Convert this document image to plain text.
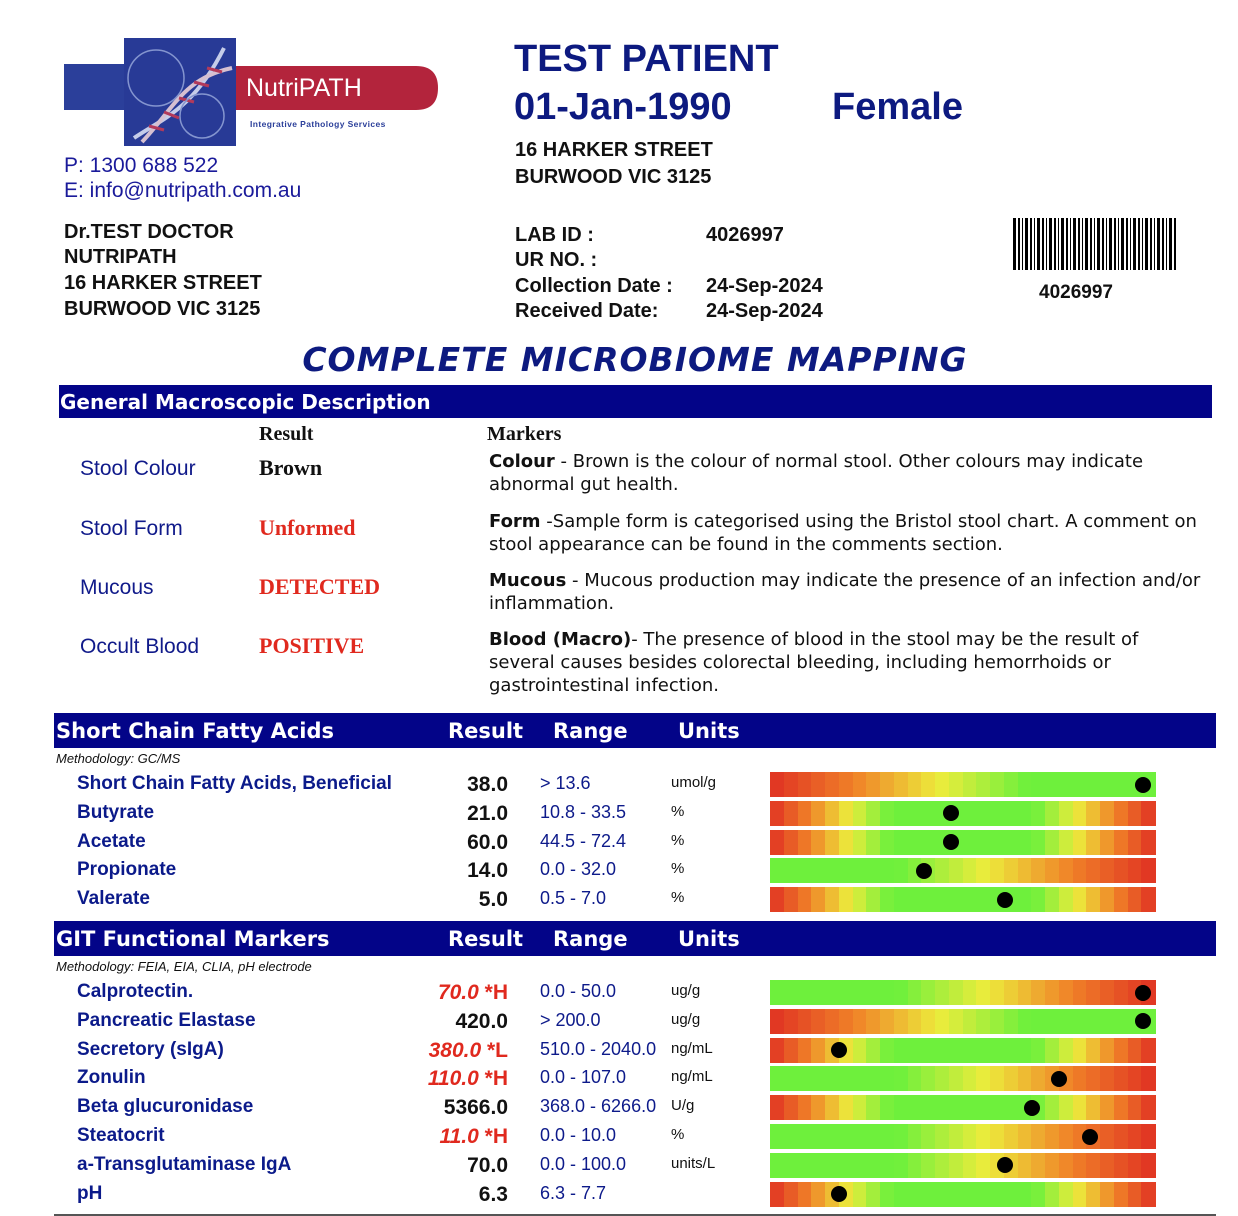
NutriPATH
Integrative Pathology Services
P: 1300 688 522
E: info@nutripath.com.au
Dr.TEST DOCTOR
NUTRIPATH
16 HARKER STREET
BURWOOD VIC 3125
TEST PATIENT
01-Jan-1990	Female
16 HARKER STREET
BURWOOD VIC 3125
LAB ID :	4026997
UR NO. :
Collection Date : 24-Sep-2024
Received Date: 24-Sep-2024
4026997
COMPLETE MICROBIOME MAPPING
General Macroscopic Description
Result	Markers
Stool Colour	Brown	Colour - Brown is the colour of normal stool. Other colours may indicate abnormal gut health.
Stool Form	Unformed	Form -Sample form is categorised using the Bristol stool chart. A comment on stool appearance can be found in the comments section.
Mucous	DETECTED	Mucous - Mucous production may indicate the presence of an infection and/or inflammation.
Occult Blood	POSITIVE	Blood (Macro)- The presence of blood in the stool may be the result of several causes besides colorectal bleeding, including hemorrhoids or gastrointestinal infection.
Short Chain Fatty Acids	Result Range Units
Methodology: GC/MS
Short Chain Fatty Acids, Beneficial	38.0 > 13.6	umol/g
Butyrate	21.0 10.8 - 33.5	%
Acetate	60.0 44.5 - 72.4	%
Propionate	14.0 0.0 - 32.0	%
Valerate	5.0 0.5 - 7.0	%
GIT Functional Markers	Result Range Units
Methodology: FEIA, EIA, CLIA, pH electrode
Calprotectin.	70.0 *H 0.0 - 50.0	ug/g
Pancreatic Elastase	420.0 > 200.0	ug/g
Secretory (sIgA)	380.0 *L 510.0 - 2040.0 ng/mL
Zonulin	110.0 *H 0.0 - 107.0	ng/mL
Beta glucuronidase	5366.0 368.0 - 6266.0 U/g
Steatocrit	11.0 *H 0.0 - 10.0	%
a-Transglutaminase IgA	70.0 0.0 - 100.0	units/L
pH	6.3 6.3 - 7.7
